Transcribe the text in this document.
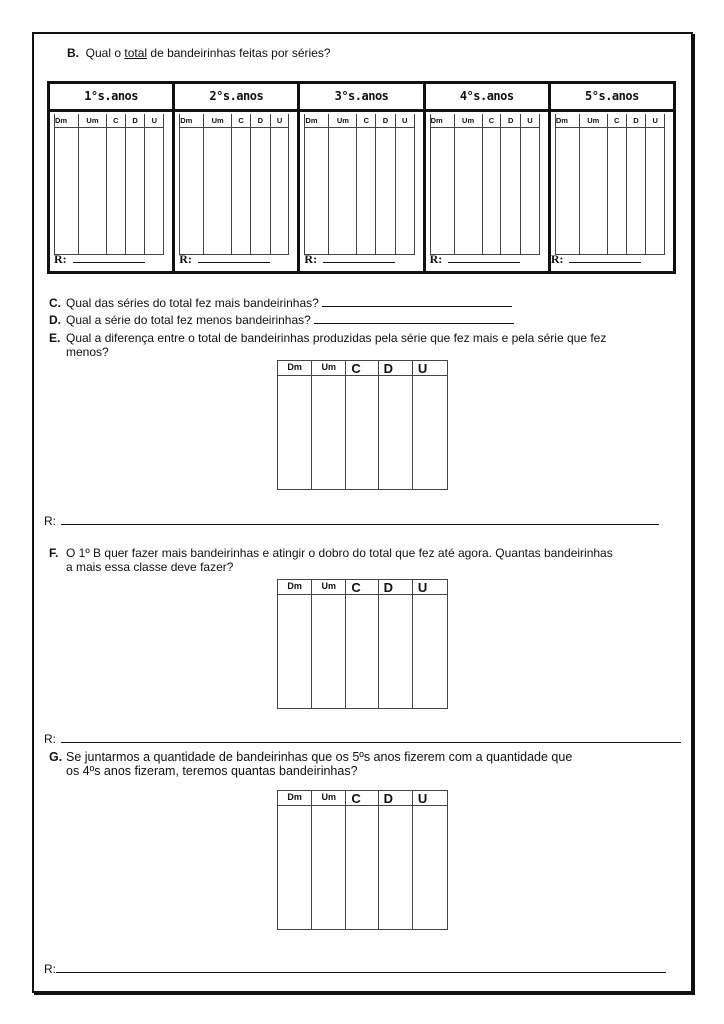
B. Qual o total de bandeirinhas feitas por séries?
1°s.anos
Dm	Um	C	D	U
R:
2°s.anos
Dm	Um	C	D	U
R:
3°s.anos
Dm	Um	C	D	U
R:
4°s.anos
Dm	Um	C	D	U
R:
5°s.anos
Dm	Um	C	D	U
R:
C. Qual das séries do total fez mais bandeirinhas?
D. Qual a série do total fez menos bandeirinhas?
E. Qual a diferença entre o total de bandeirinhas produzidas pela série que fez mais e pela série que fez
menos?
Dm	Um	C	D	U
R:
F. O 1º B quer fazer mais bandeirinhas e atingir o dobro do total que fez até agora. Quantas bandeirinhas
a mais essa classe deve fazer?
Dm	Um	C	D	U
R:
G. Se juntarmos a quantidade de bandeirinhas que os 5ºs anos fizerem com a quantidade que
os 4ºs anos fizeram, teremos quantas bandeirinhas?
Dm	Um	C	D	U
R:
